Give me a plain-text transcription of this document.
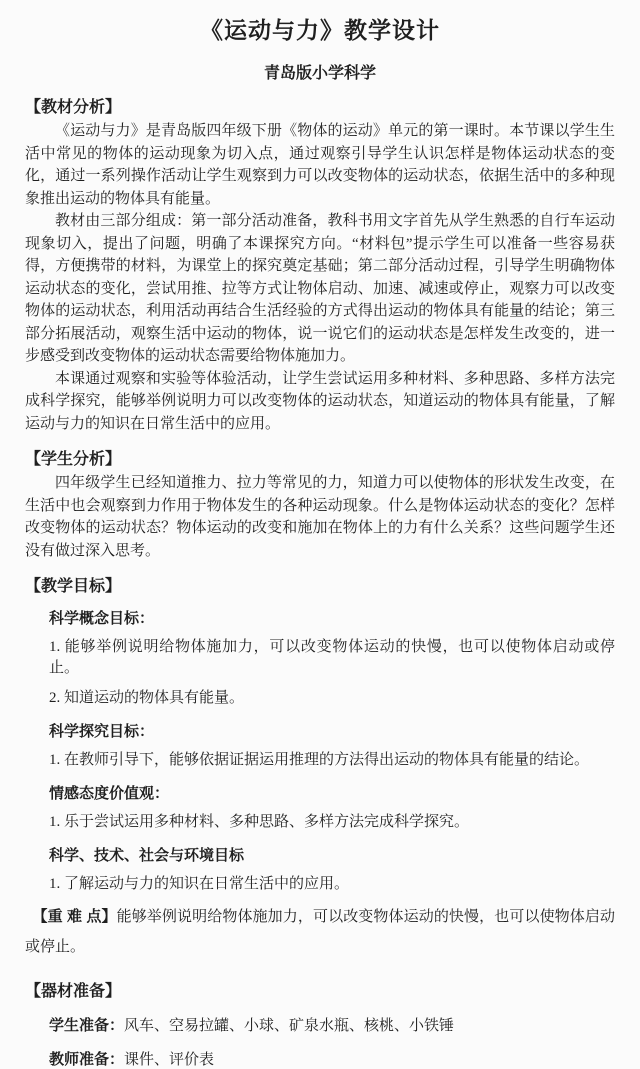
《运动与力》教学设计
青岛版小学科学
【教材分析】

《运动与力》是青岛版四年级下册《物体的运动》单元的第一课时。本节课以学生生活中常见的物体的运动现象为切入点，通过观察引导学生认识怎样是物体运动状态的变化，通过一系列操作活动让学生观察到力可以改变物体的运动状态，依据生活中的多种现象推出运动的物体具有能量。

教材由三部分组成：第一部分活动准备，教科书用文字首先从学生熟悉的自行车运动现象切入，提出了问题，明确了本课探究方向。“材料包”提示学生可以准备一些容易获得，方便携带的材料，为课堂上的探究奠定基础；第二部分活动过程，引导学生明确物体运动状态的变化，尝试用推、拉等方式让物体启动、加速、减速或停止，观察力可以改变物体的运动状态，利用活动再结合生活经验的方式得出运动的物体具有能量的结论；第三部分拓展活动，观察生活中运动的物体，说一说它们的运动状态是怎样发生改变的，进一步感受到改变物体的运动状态需要给物体施加力。

本课通过观察和实验等体验活动，让学生尝试运用多种材料、多种思路、多样方法完成科学探究，能够举例说明力可以改变物体的运动状态，知道运动的物体具有能量，了解运动与力的知识在日常生活中的应用。

【学生分析】

四年级学生已经知道推力、拉力等常见的力，知道力可以使物体的形状发生改变，在生活中也会观察到力作用于物体发生的各种运动现象。什么是物体运动状态的变化？怎样改变物体的运动状态？物体运动的改变和施加在物体上的力有什么关系？这些问题学生还没有做过深入思考。

【教学目标】
科学概念目标：

1. 能够举例说明给物体施加力，可以改变物体运动的快慢，也可以使物体启动或停止。

2. 知道运动的物体具有能量。

科学探究目标：

1. 在教师引导下，能够依据证据运用推理的方法得出运动的物体具有能量的结论。

情感态度价值观：

1. 乐于尝试运用多种材料、多种思路、多样方法完成科学探究。

科学、技术、社会与环境目标

1. 了解运动与力的知识在日常生活中的应用。

【重 难 点】能够举例说明给物体施加力，可以改变物体运动的快慢，也可以使物体启动或停止。

【器材准备】

学生准备：风车、空易拉罐、小球、矿泉水瓶、核桃、小铁锤

教师准备：课件、评价表
